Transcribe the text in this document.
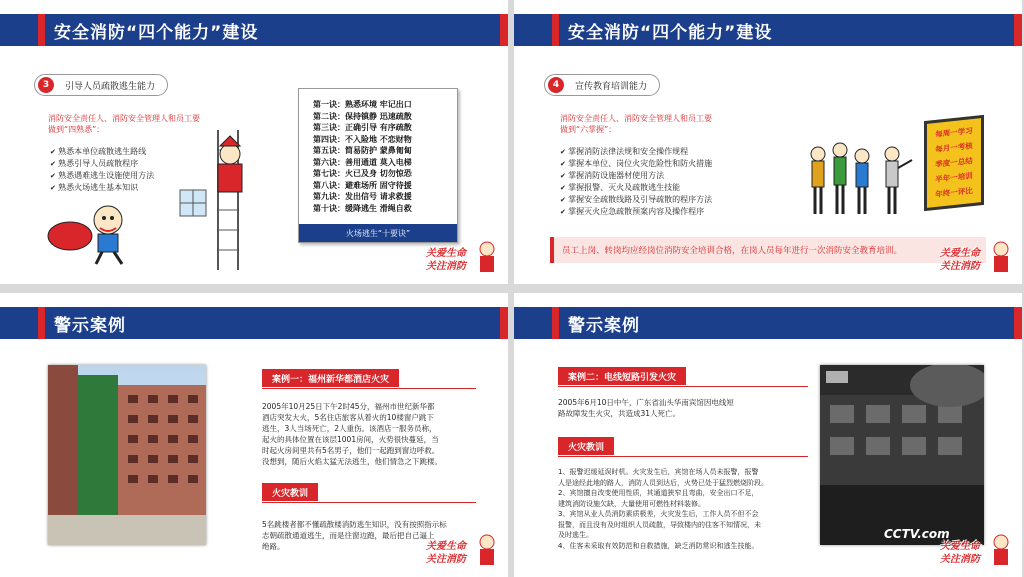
安全消防“四个能力”建设
3	引导人员疏散逃生能力
消防安全责任人、消防安全管理人和员工要
做到“四熟悉”：
✔ 熟悉本单位疏散逃生路线
✔ 熟悉引导人员疏散程序
✔ 熟悉遇难逃生设施使用方法
✔ 熟悉火场逃生基本知识
第一诀：熟悉环境 牢记出口
第二诀：保持镇静 迅速疏散
第三诀：正确引导 有序疏散
第四诀：不入险地 不恋财物
第五诀：简易防护 蒙鼻匍匐
第六诀：善用通道 莫入电梯
第七诀：火已及身 切勿惊恐
第八诀：避难场所 固守待援
第九诀：发出信号 请求救援
第十诀：缓降逃生 滑绳自救
火场逃生“十要诀”
关爱生命
关注消防
安全消防“四个能力”建设
4	宣传教育培训能力
消防安全责任人、消防安全管理人和员工要
做到“六掌握”：
✔ 掌握消防法律法规和安全操作规程
✔ 掌握本单位、岗位火灾危险性和防火措施
✔ 掌握消防设施器材使用方法
✔ 掌握报警、灭火及疏散逃生技能
✔ 掌握安全疏散线路及引导疏散的程序方法
✔ 掌握灭火应急疏散预案内容及操作程序
每周一学习
每月一考核
季度一总结
半年一培训
年终一评比
员工上岗、转岗均应经岗位消防安全培训合格，在岗人员每年进行一次消防安全教育培训。	关爱生命
关注消防
警示案例
案例一：福州新华都酒店火灾
2005年10月25日下午2时45分，福州市世纪新华都
酒店突发大火，5名住店旅客从着火的10楼窗户跳下
逃生，3人当场死亡，2人重伤。该酒店一服务员称，
起火的具体位置在该层1001房间，火势很快蔓延，当
时起火房间里共有5名男子，他们一起跑到窗边呼救。
没想到，随后火焰太猛无法逃生，他们情急之下跳楼。
火灾教训
5名跳楼者都不懂疏散楼消防逃生知识，没有按照指示标
志朝疏散通道逃生，而是往窗边跑，最后把自己逼上
绝路。	关爱生命
关注消防
警示案例
案例二：电线短路引发火灾
2005年6月10日中午，广东省汕头华南宾馆因电线短
路故障发生火灾，共造成31人死亡。
火灾教训
1、报警迟缓延误时机。火灾发生后，宾馆在场人员未报警，报警
人是途经此地的路人，消防人员到达后，火势已处于猛烈燃烧阶段。
2、宾馆擅自改变使用性质，其通道狭窄且弯曲，安全出口不足，
建筑消防设施欠缺，大量使用可燃性材料装修。
3、宾馆从业人员消防素质极差，火灾发生后，工作人员不但不会
报警，而且没有及时组织人员疏散，导致楼内的住客不知情况，未
及时逃生。
4、住客未采取有效防范和自救措施，缺乏消防常识和逃生技能。
CCTV.com
关爱生命
关注消防
